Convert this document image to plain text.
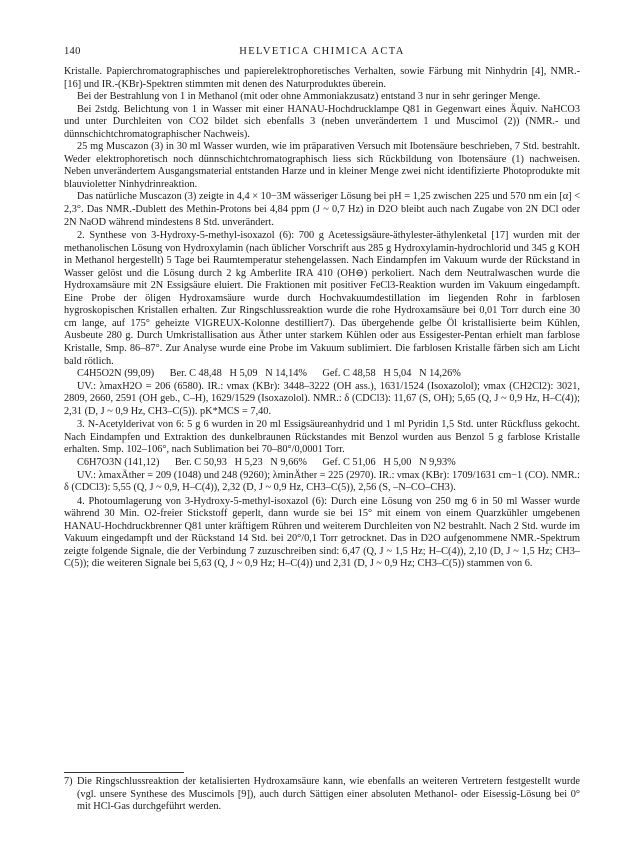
140	HELVETICA CHIMICA ACTA

Kristalle. Papierchromatographisches und papierelektrophoretisches Verhalten, sowie Färbung mit Ninhydrin [4], NMR.- [16] und IR.-(KBr)-Spektren stimmten mit denen des Naturproduktes überein.

Bei der Bestrahlung von 1 in Methanol (mit oder ohne Ammoniakzusatz) entstand 3 nur in sehr geringer Menge.

Bei 2stdg. Belichtung von 1 in Wasser mit einer HANAU-Hochdrucklampe Q81 in Gegenwart eines Äquiv. NaHCO3 und unter Durchleiten von CO2 bildet sich ebenfalls 3 (neben unverändertem 1 und Muscimol (2)) (NMR.- und dünnschichtchromatographischer Nachweis).

25 mg Muscazon (3) in 30 ml Wasser wurden, wie im präparativen Versuch mit Ibotensäure beschrieben, 7 Std. bestrahlt. Weder elektrophoretisch noch dünnschichtchromatographisch liess sich Rückbildung von Ibotensäure (1) nachweisen. Neben unverändertem Ausgangsmaterial entstanden Harze und in kleiner Menge zwei nicht identifizierte Photoprodukte mit blauvioletter Ninhydrinreaktion.

Das natürliche Muscazon (3) zeigte in 4,4 × 10−3M wässeriger Lösung bei pH = 1,25 zwischen 225 und 570 nm ein [α] < 2,3°. Das NMR.-Dublett des Methin-Protons bei 4,84 ppm (J ~ 0,7 Hz) in D2O bleibt auch nach Zugabe von 2N DCl oder 2N NaOD während mindestens 8 Std. unverändert.

2. Synthese von 3-Hydroxy-5-methyl-isoxazol (6): 700 g Acetessigsäure-äthylester-äthylenketal [17] wurden mit der methanolischen Lösung von Hydroxylamin (nach üblicher Vorschrift aus 285 g Hydroxylamin-hydrochlorid und 345 g KOH in Methanol hergestellt) 5 Tage bei Raumtemperatur stehengelassen. Nach Eindampfen im Vakuum wurde der Rückstand in Wasser gelöst und die Lösung durch 2 kg Amberlite IRA 410 (OH⊖) perkoliert. Nach dem Neutralwaschen wurde die Hydroxamsäure mit 2N Essigsäure eluiert. Die Fraktionen mit positiver FeCl3-Reaktion wurden im Vakuum eingedampft. Eine Probe der öligen Hydroxamsäure wurde durch Hochvakuumdestillation im liegenden Rohr in farblosen hygroskopischen Kristallen erhalten. Zur Ringschlussreaktion wurde die rohe Hydroxamsäure bei 0,01 Torr durch eine 30 cm lange, auf 175° geheizte VIGREUX-Kolonne destilliert7). Das übergehende gelbe Öl kristallisierte beim Kühlen, Ausbeute 280 g. Durch Umkristallisation aus Äther unter starkem Kühlen oder aus Essigester-Pentan erhielt man farblose Kristalle, Smp. 86–87°. Zur Analyse wurde eine Probe im Vakuum sublimiert. Die farblosen Kristalle färben sich am Licht bald rötlich.

C4H5O2N (99,09)      Ber. C 48,48   H 5,09   N 14,14%      Gef. C 48,58   H 5,04   N 14,26%

UV.: λmaxH2O = 206 (6580). IR.: νmax (KBr): 3448–3222 (OH ass.), 1631/1524 (Isoxazolol); νmax (CH2Cl2): 3021, 2809, 2660, 2591 (OH geb., C–H), 1629/1529 (Isoxazolol). NMR.: δ (CDCl3): 11,67 (S, OH); 5,65 (Q, J ~ 0,9 Hz, H–C(4)); 2,31 (D, J ~ 0,9 Hz, CH3–C(5)). pK*MCS = 7,40.

3. N-Acetylderivat von 6: 5 g 6 wurden in 20 ml Essigsäureanhydrid und 1 ml Pyridin 1,5 Std. unter Rückfluss gekocht. Nach Eindampfen und Extraktion des dunkelbraunen Rückstandes mit Benzol wurden aus Benzol 5 g farblose Kristalle erhalten. Smp. 102–106°, nach Sublimation bei 70–80°/0,0001 Torr.

C6H7O3N (141,12)      Ber. C 50,93   H 5,23   N 9,66%      Gef. C 51,06   H 5,00   N 9,93%

UV.: λmaxÄther = 209 (1048) und 248 (9260); λminÄther = 225 (2970). IR.: νmax (KBr): 1709/1631 cm−1 (CO). NMR.: δ (CDCl3): 5,55 (Q, J ~ 0,9, H–C(4)), 2,32 (D, J ~ 0,9 Hz, CH3–C(5)), 2,56 (S, –N–CO–CH3).

4. Photoumlagerung von 3-Hydroxy-5-methyl-isoxazol (6): Durch eine Lösung von 250 mg 6 in 50 ml Wasser wurde während 30 Min. O2-freier Stickstoff geperlt, dann wurde sie bei 15° mit einem von einem Quarzkühler umgebenen HANAU-Hochdruckbrenner Q81 unter kräftigem Rühren und weiterem Durchleiten von N2 bestrahlt. Nach 2 Std. wurde im Vakuum eingedampft und der Rückstand 14 Std. bei 20°/0,1 Torr getrocknet. Das in D2O aufgenommene NMR.-Spektrum zeigte folgende Signale, die der Verbindung 7 zuzuschreiben sind: 6,47 (Q, J ~ 1,5 Hz; H–C(4)), 2,10 (D, J ~ 1,5 Hz; CH3–C(5)); die weiteren Signale bei 5,63 (Q, J ~ 0,9 Hz; H–C(4)) und 2,31 (D, J ~ 0,9 Hz; CH3–C(5)) stammen von 6.

7) Die Ringschlussreaktion der ketalisierten Hydroxamsäure kann, wie ebenfalls an weiteren Vertretern festgestellt wurde (vgl. unsere Synthese des Muscimols [9]), auch durch Sättigen einer absoluten Methanol- oder Eisessig-Lösung bei 0° mit HCl-Gas durchgeführt werden.
